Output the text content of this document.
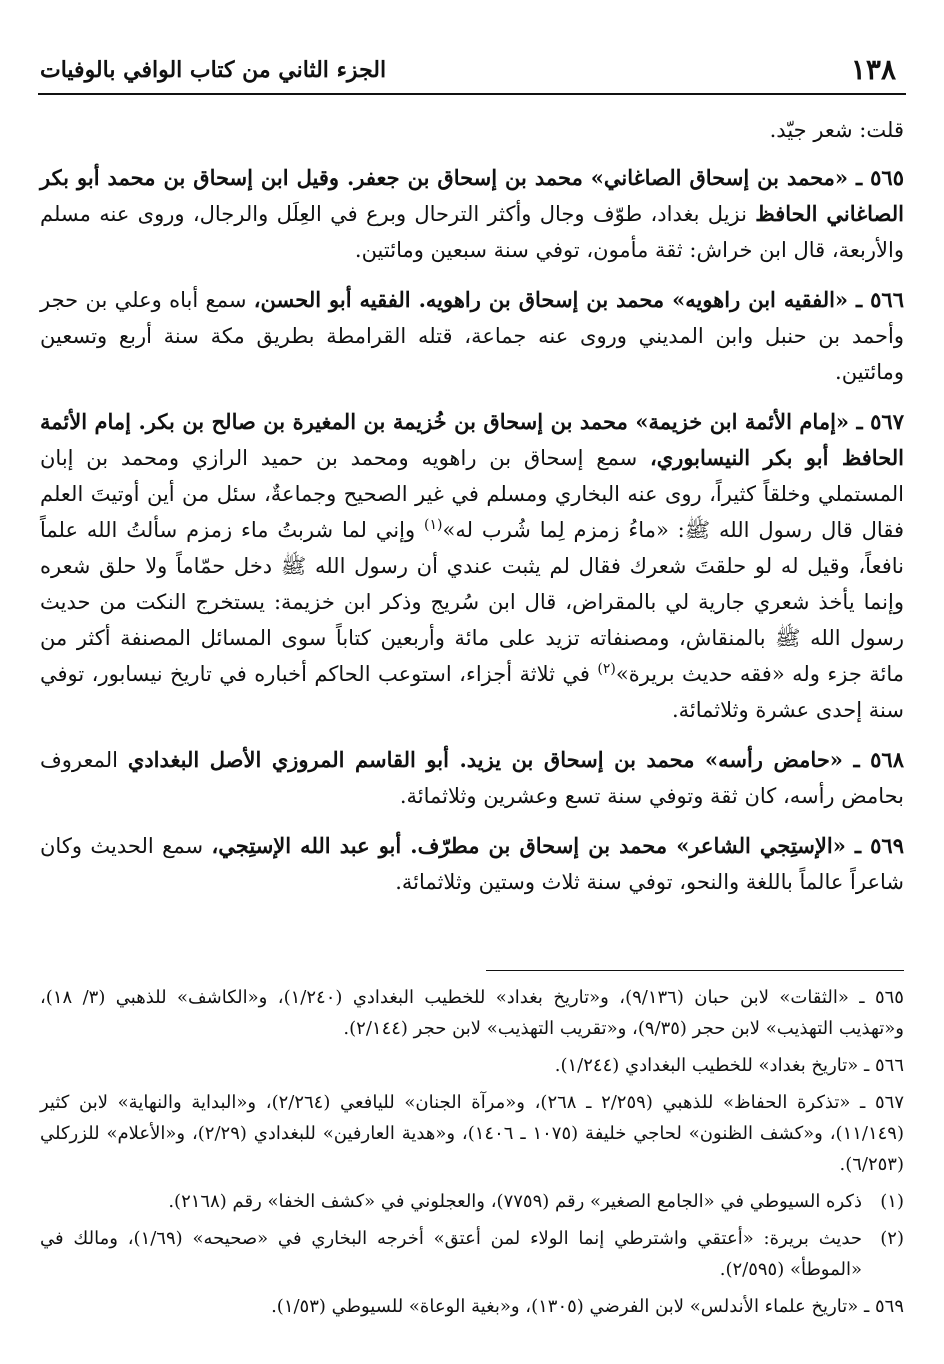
١٣٨
الجزء الثاني من كتاب الوافي بالوفيات

قلت: شعر جيّد.

٥٦٥ ـ «محمد بن إسحاق الصاغاني» محمد بن إسحاق بن جعفر. وقيل ابن إسحاق بن محمد أبو بكر الصاغاني الحافظ نزيل بغداد، طوّف وجال وأكثر الترحال وبرع في العِلَل والرجال، وروى عنه مسلم والأربعة، قال ابن خراش: ثقة مأمون، توفي سنة سبعين ومائتين.

٥٦٦ ـ «الفقيه ابن راهويه» محمد بن إسحاق بن راهويه. الفقيه أبو الحسن، سمع أباه وعلي بن حجر وأحمد بن حنبل وابن المديني وروى عنه جماعة، قتله القرامطة بطريق مكة سنة أربع وتسعين ومائتين.

٥٦٧ ـ «إمام الأئمة ابن خزيمة» محمد بن إسحاق بن خُزيمة بن المغيرة بن صالح بن بكر. إمام الأئمة الحافظ أبو بكر النيسابوري، سمع إسحاق بن راهويه ومحمد بن حميد الرازي ومحمد بن إبان المستملي وخلقاً كثيراً، روى عنه البخاري ومسلم في غير الصحيح وجماعةٌ، سئل من أين أوتيتَ العلم فقال قال رسول الله ﷺ: «ماءُ زمزم لِما شُرب له»$^{(١)}$ وإني لما شربتُ ماء زمزم سألتُ الله علماً نافعاً، وقيل له لو حلقتَ شعرك فقال لم يثبت عندي أن رسول الله ﷺ دخل حمّاماً ولا حلق شعره وإنما يأخذ شعري جارية لي بالمقراض، قال ابن سُريج وذكر ابن خزيمة: يستخرج النكت من حديث رسول الله ﷺ بالمنقاش، ومصنفاته تزيد على مائة وأربعين كتاباً سوى المسائل المصنفة أكثر من مائة جزء وله «فقه حديث بريرة»$^{(٢)}$ في ثلاثة أجزاء، استوعب الحاكم أخباره في تاريخ نيسابور، توفي سنة إحدى عشرة وثلاثمائة.

٥٦٨ ـ «حامض رأسه» محمد بن إسحاق بن يزيد. أبو القاسم المروزي الأصل البغدادي المعروف بحامض رأسه، كان ثقة وتوفي سنة تسع وعشرين وثلاثمائة.

٥٦٩ ـ «الإستِجي الشاعر» محمد بن إسحاق بن مطرّف. أبو عبد الله الإستِجي، سمع الحديث وكان شاعراً عالماً باللغة والنحو، توفي سنة ثلاث وستين وثلاثمائة.

٥٦٥ ـ «الثقات» لابن حبان (٩/١٣٦)، و«تاريخ بغداد» للخطيب البغدادي (١/٢٤٠)، و«الكاشف» للذهبي (٣/ ١٨)، و«تهذيب التهذيب» لابن حجر (٩/٣٥)، و«تقريب التهذيب» لابن حجر (٢/١٤٤).

٥٦٦ ـ «تاريخ بغداد» للخطيب البغدادي (١/٢٤٤).

٥٦٧ ـ «تذكرة الحفاظ» للذهبي (٢/٢٥٩ ـ ٢٦٨)، و«مرآة الجنان» لليافعي (٢/٢٦٤)، و«البداية والنهاية» لابن كثير (١١/١٤٩)، و«كشف الظنون» لحاجي خليفة (١٠٧٥ ـ ١٤٠٦)، و«هدية العارفين» للبغدادي (٢/٢٩)، و«الأعلام» للزركلي (٦/٢٥٣).

(١)
ذكره السيوطي في «الجامع الصغير» رقم (٧٧٥٩)، والعجلوني في «كشف الخفا» رقم (٢١٦٨).

(٢)
حديث بريرة: «أعتقي واشترطي إنما الولاء لمن أعتق» أخرجه البخاري في «صحيحه» (١/٦٩)، ومالك في «الموطأ» (٢/٥٩٥).

٥٦٩ ـ «تاريخ علماء الأندلس» لابن الفرضي (١٣٠٥)، و«بغية الوعاة» للسيوطي (١/٥٣).
